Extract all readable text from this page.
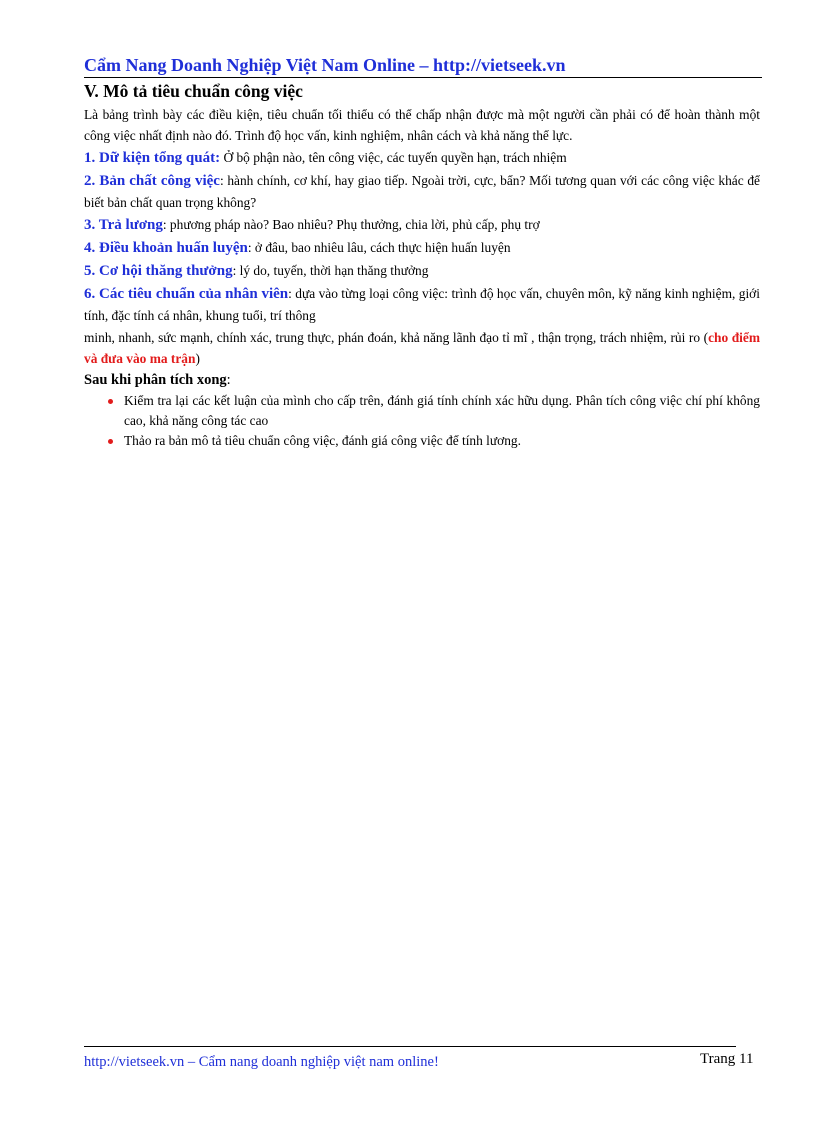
Cẩm Nang Doanh Nghiệp Việt Nam Online – http://vietseek.vn
V. Mô tả tiêu chuẩn công việc

Là bảng trình bày các điều kiện, tiêu chuẩn tối thiểu có thể chấp nhận được mà một người cần phải có để hoàn thành một công việc nhất định nào đó. Trình độ học vấn, kinh nghiệm, nhân cách và khả năng thể lực.

1. Dữ kiện tổng quát: Ở bộ phận nào, tên công việc, các tuyến quyền hạn, trách nhiệm
2. Bản chất công việc: hành chính, cơ khí, hay giao tiếp. Ngoài trời, cực, bẩn? Mối tương quan với các công việc khác để biết bản chất quan trọng không?
3. Trả lương: phương pháp nào? Bao nhiêu? Phụ thưởng, chia lời, phủ cấp, phụ trợ
4. Điều khoản huấn luyện: ở đâu, bao nhiêu lâu, cách thực hiện huấn luyện
5. Cơ hội thăng thưởng: lý do, tuyến, thời hạn thăng thưởng
6. Các tiêu chuẩn của nhân viên: dựa vào từng loại công việc: trình độ học vấn, chuyên môn, kỹ năng kinh nghiệm, giới tính, đặc tính cá nhân, khung tuổi, trí thông
minh, nhanh, sức mạnh, chính xác, trung thực, phán đoán, khả năng lãnh đạo tỉ mĩ , thận trọng, trách nhiệm, rủi ro (cho điểm và đưa vào ma trận)
Sau khi phân tích xong:
Kiểm tra lại các kết luận của mình cho cấp trên, đánh giá tính chính xác hữu dụng. Phân tích công việc chí phí không cao, khả năng công tác cao
Thảo ra bản mô tả tiêu chuẩn công việc, đánh giá công việc để tính lương.
http://vietseek.vn – Cẩm nang doanh nghiệp việt nam online!	Trang 11
